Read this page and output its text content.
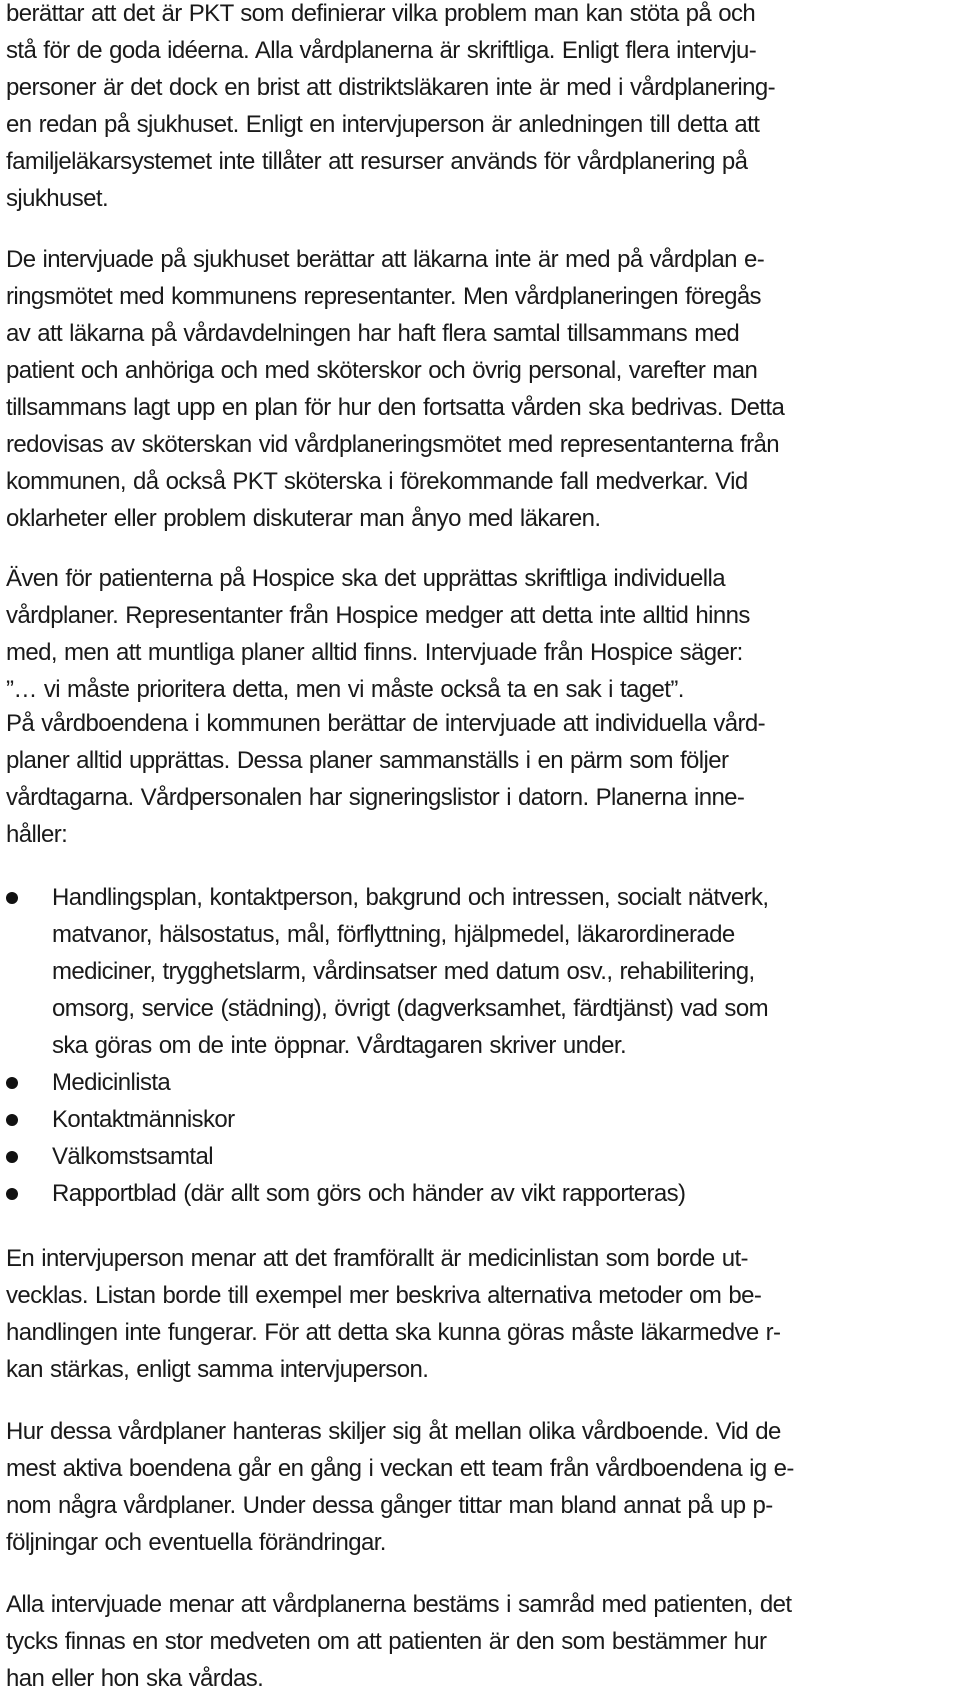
berättar att det är PKT som definierar vilka problem man kan stöta på och
stå för de goda idéerna. Alla vårdplanerna är skriftliga. Enligt flera intervju-
personer är det dock en brist att distriktsläkaren inte är med i vårdplanering-
en redan på sjukhuset. Enligt en intervjuperson är anledningen till detta att
familjeläkarsystemet inte tillåter att resurser används för vårdplanering på
sjukhuset.

De intervjuade på sjukhuset berättar att läkarna inte är med på vårdplan e-
ringsmötet med kommunens representanter. Men vårdplaneringen föregås
av att läkarna på vårdavdelningen har haft flera samtal tillsammans med
patient och anhöriga och med sköterskor och övrig personal, varefter man
tillsammans lagt upp en plan för hur den fortsatta vården ska bedrivas. Detta
redovisas av sköterskan vid vårdplaneringsmötet med representanterna från
kommunen, då också PKT sköterska i förekommande fall medverkar. Vid
oklarheter eller problem diskuterar man ånyo med läkaren.

Även för patienterna på Hospice ska det upprättas skriftliga individuella
vårdplaner. Representanter från Hospice medger att detta inte alltid hinns
med, men att muntliga planer alltid finns. Intervjuade från Hospice säger:
”… vi måste prioritera detta, men vi måste också ta en sak i taget”.

På vårdboendena i kommunen berättar de intervjuade att individuella vård-
planer alltid upprättas. Dessa planer sammanställs i en pärm som följer
vårdtagarna. Vårdpersonalen har signeringslistor i datorn. Planerna inne-
håller:

Handlingsplan, kontaktperson, bakgrund och intressen, socialt nätverk,
matvanor, hälsostatus, mål, förflyttning, hjälpmedel, läkarordinerade
mediciner, trygghetslarm, vårdinsatser med datum osv., rehabilitering,
omsorg, service (städning), övrigt (dagverksamhet, färdtjänst) vad som
ska göras om de inte öppnar. Vårdtagaren skriver under.
Medicinlista
Kontaktmänniskor
Välkomstsamtal
Rapportblad (där allt som görs och händer av vikt rapporteras)

En intervjuperson menar att det framförallt är medicinlistan som borde ut-
vecklas. Listan borde till exempel mer beskriva alternativa metoder om be-
handlingen inte fungerar. För att detta ska kunna göras måste läkarmedve r-
kan stärkas, enligt samma intervjuperson.

Hur dessa vårdplaner hanteras skiljer sig åt mellan olika vårdboende. Vid de
mest aktiva boendena går en gång i veckan ett team från vårdboendena ig e-
nom några vårdplaner. Under dessa gånger tittar man bland annat på up p-
följningar och eventuella förändringar.

Alla intervjuade menar att vårdplanerna bestäms i samråd med patienten, det
tycks finnas en stor medveten om att patienten är den som bestämmer hur
han eller hon ska vårdas.
